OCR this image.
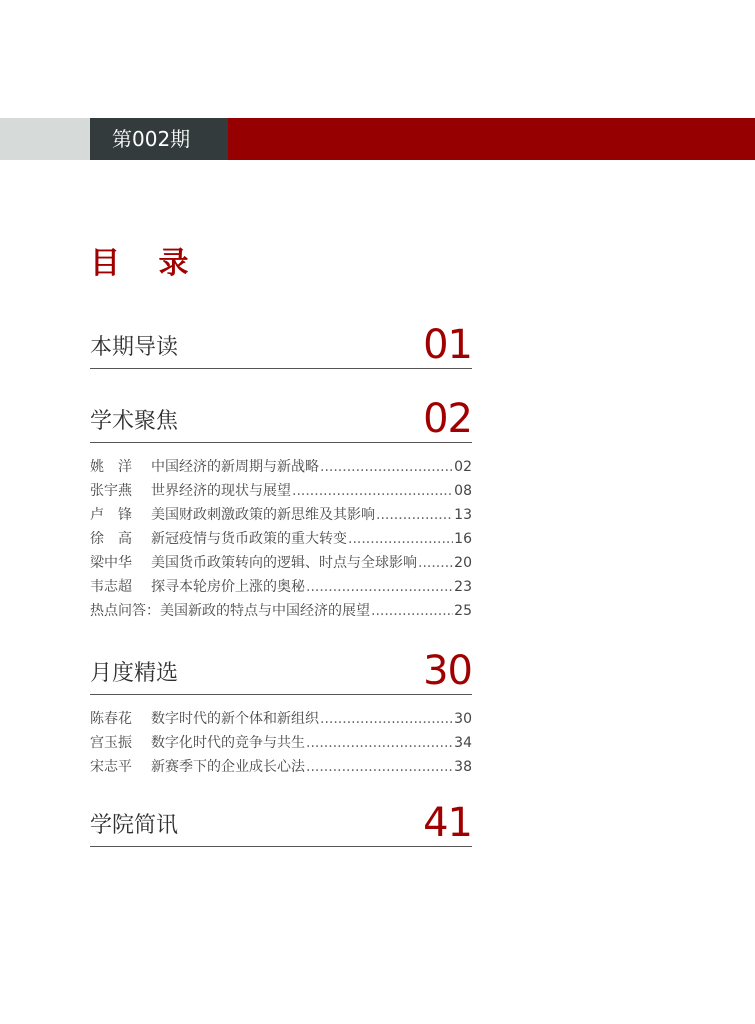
第002期
目 录
本期导读	01
学术聚焦	02
姚　洋	中国经济的新周期与新战略 .....	02
张宇燕	世界经济的现状与展望 .....	08
卢　锋	美国财政刺激政策的新思维及其影响 .....	13
徐　高	新冠疫情与货币政策的重大转变 .....	16
梁中华	美国货币政策转向的逻辑、时点与全球影响 .....	20
韦志超	探寻本轮房价上涨的奥秘 .....	23
热点问答：美国新政的特点与中国经济的展望 .....	25
月度精选	30
陈春花	数字时代的新个体和新组织 .....	30
宫玉振	数字化时代的竞争与共生 .....	34
宋志平	新赛季下的企业成长心法 .....	38
学院简讯	41
